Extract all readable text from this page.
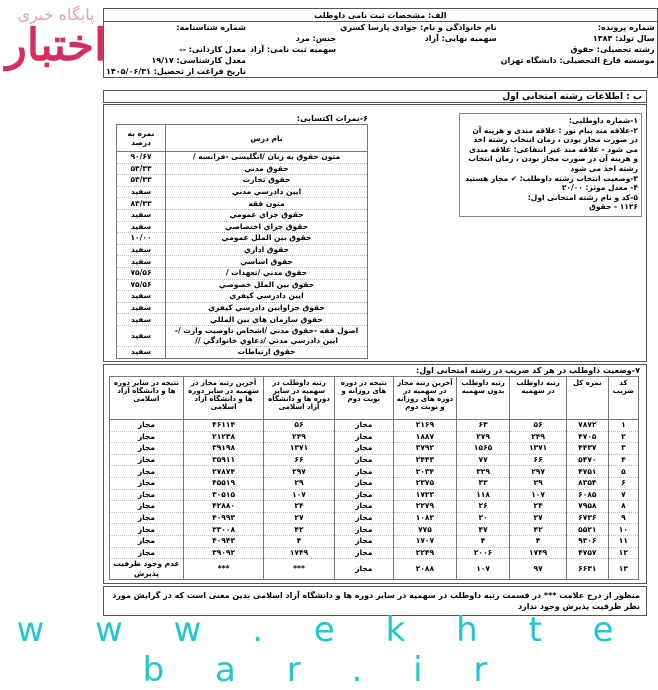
پایگاه خبری
اختبار
الف: مشخصات ثبت نامی داوطلب			
شماره پرونده:	نام خانوادگی و نام: جوادي پارسا کسري		شماره شناسنامه:
سال تولد: ۱۳۸۳	سهمیه نهایی: آزاد	جنس: مرد	
رشته تحصیلی: حقوق		سهمیه ثبت نامی: آزاد	معدل کاردانی: --
موسسه فارغ التحصیلی: دانشگاه تهران			معدل کارشناسی: ۱۹/۱۷
			تاریخ فراغت از تحصیل: ۱۴۰۵/۰۶/۳۱
ب : اطلاعات رشته امتحانی اول

۱-شماره داوطلبی:

۲-علاقه مند پیام نور : علاقه مندی و هزینه آن در صورت مجاز بودن ، زمان انتخاب رشته اخذ می شود - علاقه مند غیر انتفاعی: علاقه مندی و هزینه آن در صورت مجاز بودن ، زمان انتخاب رشته اخذ می شود

۳-وضعیت انتخاب رشته داوطلب: ✔ مجاز هستید

۴- معدل موثر: ۲۰/۰۰

۵-کد و نام رشته امتحانی اول:

۱۱۲۶ - حقوق

۶-نمرات اکتسابی:
نام درس	نمره به درصد
متون حقوق به زبان /انگلیسی -فرانسه /	۹۰/۶۷
حقوق مدني	۵۳/۳۳
حقوق تجارت	۵۳/۳۳
ايين دادرسي مدني	سفید
متون فقه	۸۳/۳۳
حقوق جزاي عمومي	سفید
حقوق جزاي اختصاصي	سفید
حقوق بين الملل عمومي	۱۰/۰۰
حقوق اداري	سفید
حقوق اساسي	سفید
حقوق مدني /تعهدات /	۷۵/۵۶
حقوق بين الملل خصوصي	۷۵/۵۶
ايين دادرسي کيفري	سفید
حقوق جزاوايين دادرسي کيفري	سفید
حقوق سازمان هاي بين المللي	سفید
اصول فقه -حقوق مدني /اشخاص تاوصيت وارث /-ايين دادرسي مدني /دعاوي خانوادگي //	سفید
حقوق ارتباطات	سفید
۷-وضعیت داوطلب در هر کد ضریب در رشته امتحانی اول:
کد ضریب	نمره کل	رتبه داوطلب در سهمیه	رتبه داوطلب بدون سهمیه	آخرین رتبه مجاز در سهمیه در دوره های روزانه و نوبت دوم	نتیجه در دوره های روزانه و نوبت دوم	رتبه داوطلب در سهمیه در سایر دوره ها و دانشگاه آزاد اسلامی	آخرین رتبه مجاز در سهمیه در سایر دوره ها و دانشگاه آزاد اسلامی	نتیجه در سایر دوره ها و دانشگاه آزاد اسلامی
۱	۷۸۷۲	۵۶	۶۳	۲۱۶۹	مجاز	۵۶	۴۶۱۱۴	مجاز
۲	۴۷۰۵	۲۴۹	۲۷۹	۱۸۸۷	مجاز	۲۴۹	۲۱۲۳۸	مجاز
۳	۴۴۳۷	۱۳۷۱	۱۵۶۵	۳۷۹۲	مجاز	۱۳۷۱	۳۹۱۹۸	مجاز
۴	۵۴۷۰	۶۶	۷۷	۲۴۴۳	مجاز	۶۶	۳۵۹۱۱	مجاز
۵	۴۷۵۱	۲۹۷	۳۲۹	۲۰۳۴	مجاز	۲۹۷	۲۷۸۷۴	مجاز
۶	۸۳۵۴	۲۹	۳۳	۲۳۷۵	مجاز	۲۹	۴۵۵۱۹	مجاز
۷	۶۰۸۵	۱۰۷	۱۱۸	۱۷۲۳	مجاز	۱۰۷	۳۰۵۱۵	مجاز
۸	۷۹۵۸	۲۴	۲۶	۲۲۷۹	مجاز	۲۴	۴۲۸۸۰	مجاز
۹	۶۷۳۶	۲۷	۳۰	۱۰۸۲	مجاز	۲۷	۴۰۹۹۳	مجاز
۱۰	۵۵۲۱	۴۲	۴۷	۷۷۵	مجاز	۴۲	۳۳۰۰۸	مجاز
۱۱	۹۳۰۶	۴	۴	۱۷۰۷	مجاز	۴	۴۰۹۴۳	مجاز
۱۲	۴۷۵۷	۱۷۴۹	۲۰۰۶	۲۲۴۹	مجاز	۱۷۴۹	۳۹۰۹۲	مجاز
۱۳	۶۶۳۱	۹۷	۱۰۷	۲۰۸۸	مجاز	***	***	عدم وجود ظرفیت پذیرش
منظور از درج علامت *** در قسمت رتبه داوطلب در سهمیه در سایر دوره ها و دانشگاه آزاد اسلامی بدین معنی است که در گرایش مورد نظر ظرفیت پذیرش وجود ندارد
w w w . e k h t e b a r . i r
